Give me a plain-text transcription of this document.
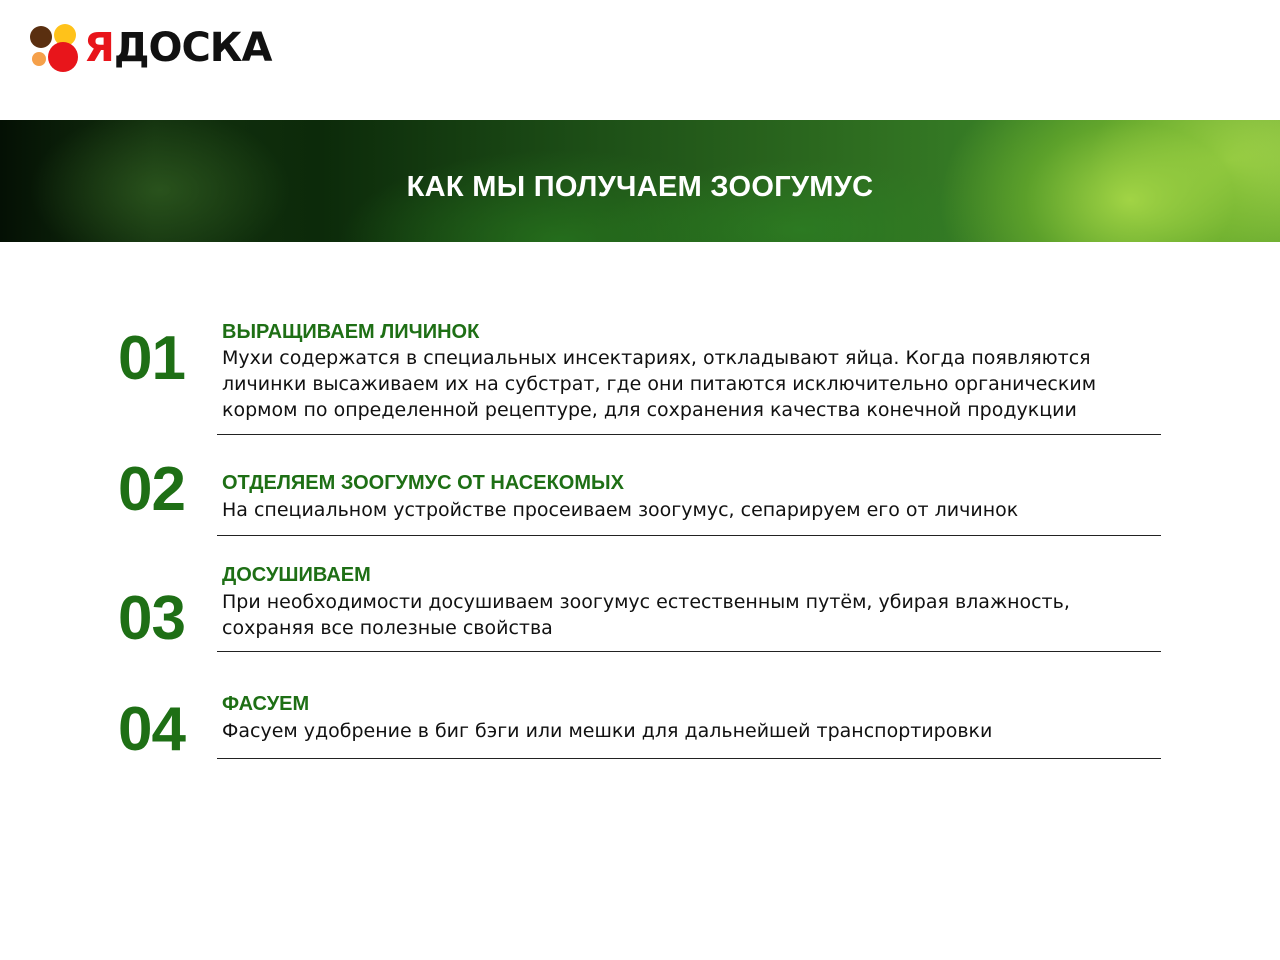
ЯДОСКА
КАК МЫ ПОЛУЧАЕМ ЗООГУМУС
01 ВЫРАЩИВАЕМ ЛИЧИНОК
Мухи содержатся в специальных инсектариях, откладывают яйца. Когда появляются личинки высаживаем их на субстрат, где они питаются исключительно органическим кормом по определенной рецептуре, для сохранения качества конечной продукции
02 ОТДЕЛЯЕМ ЗООГУМУС ОТ НАСЕКОМЫХ
На специальном устройстве просеиваем зоогумус, сепарируем его от личинок
03
ДОСУШИВАЕМ
При необходимости досушиваем зоогумус естественным путём, убирая влажность, сохраняя все полезные свойства
04 ФАСУЕМ
Фасуем удобрение в биг бэги или мешки для дальнейшей транспортировки
